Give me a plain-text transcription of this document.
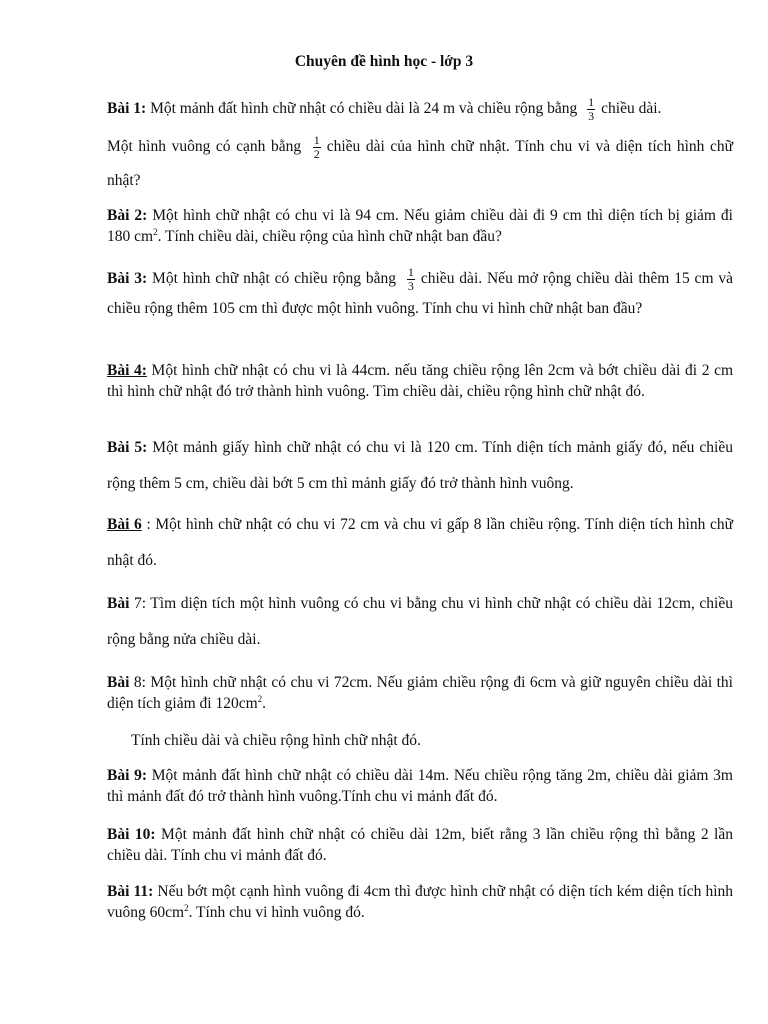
Chuyên đề hình học - lớp 3
Bài 1: Một mảnh đất hình chữ nhật có chiều dài là 24 m và chiều rộng bằng $\frac{1}{3}$ chiều dài.
Một hình vuông có cạnh bằng $\frac{1}{2}$ chiều dài của hình chữ nhật. Tính chu vi và diện tích hình chữ nhật?
Bài 2: Một hình chữ nhật có chu vi là 94 cm. Nếu giảm chiều dài đi 9 cm thì diện tích bị giảm đi 180 $cm^2$. Tính chiều dài, chiều rộng của hình chữ nhật ban đầu?
Bài 3: Một hình chữ nhật có chiều rộng bằng $\frac{1}{3}$ chiều dài. Nếu mở rộng chiều dài thêm 15 cm và chiều rộng thêm 105 cm thì được một hình vuông. Tính chu vi hình chữ nhật ban đầu?
Bài 4: Một hình chữ nhật có chu vi là 44cm. nếu tăng chiều rộng lên 2cm và bớt chiều dài đi 2 cm thì hình chữ nhật đó trở thành hình vuông. Tìm chiều dài, chiều rộng hình chữ nhật đó.
Bài 5: Một mảnh giấy hình chữ nhật có chu vi là 120 cm. Tính diện tích mảnh giấy đó, nếu chiều rộng thêm 5 cm, chiều dài bớt 5 cm thì mảnh giấy đó trở thành hình vuông.
Bài 6 : Một hình chữ nhật có chu vi 72 cm và chu vi gấp 8 lần chiều rộng. Tính diện tích hình chữ nhật đó.
Bài 7: Tìm diện tích một hình vuông có chu vi bằng chu vi hình chữ nhật có chiều dài 12cm, chiều rộng bằng nửa chiều dài.
Bài 8: Một hình chữ nhật có chu vi 72cm. Nếu giảm chiều rộng đi 6cm và giữ nguyên chiều dài thì diện tích giảm đi $120cm^2$.
Tính chiều dài và chiều rộng hình chữ nhật đó.
Bài 9: Một mảnh đất hình chữ nhật có chiều dài 14m. Nếu chiều rộng tăng 2m, chiều dài giảm 3m thì mảnh đất đó trở thành hình vuông.Tính chu vi mảnh đất đó.
Bài 10: Một mảnh đất hình chữ nhật có chiều dài 12m, biết rằng 3 lần chiều rộng thì bằng 2 lần chiều dài. Tính chu vi mảnh đất đó.
Bài 11: Nếu bớt một cạnh hình vuông đi 4cm thì được hình chữ nhật có diện tích kém diện tích hình vuông $60cm^2$. Tính chu vi hình vuông đó.
